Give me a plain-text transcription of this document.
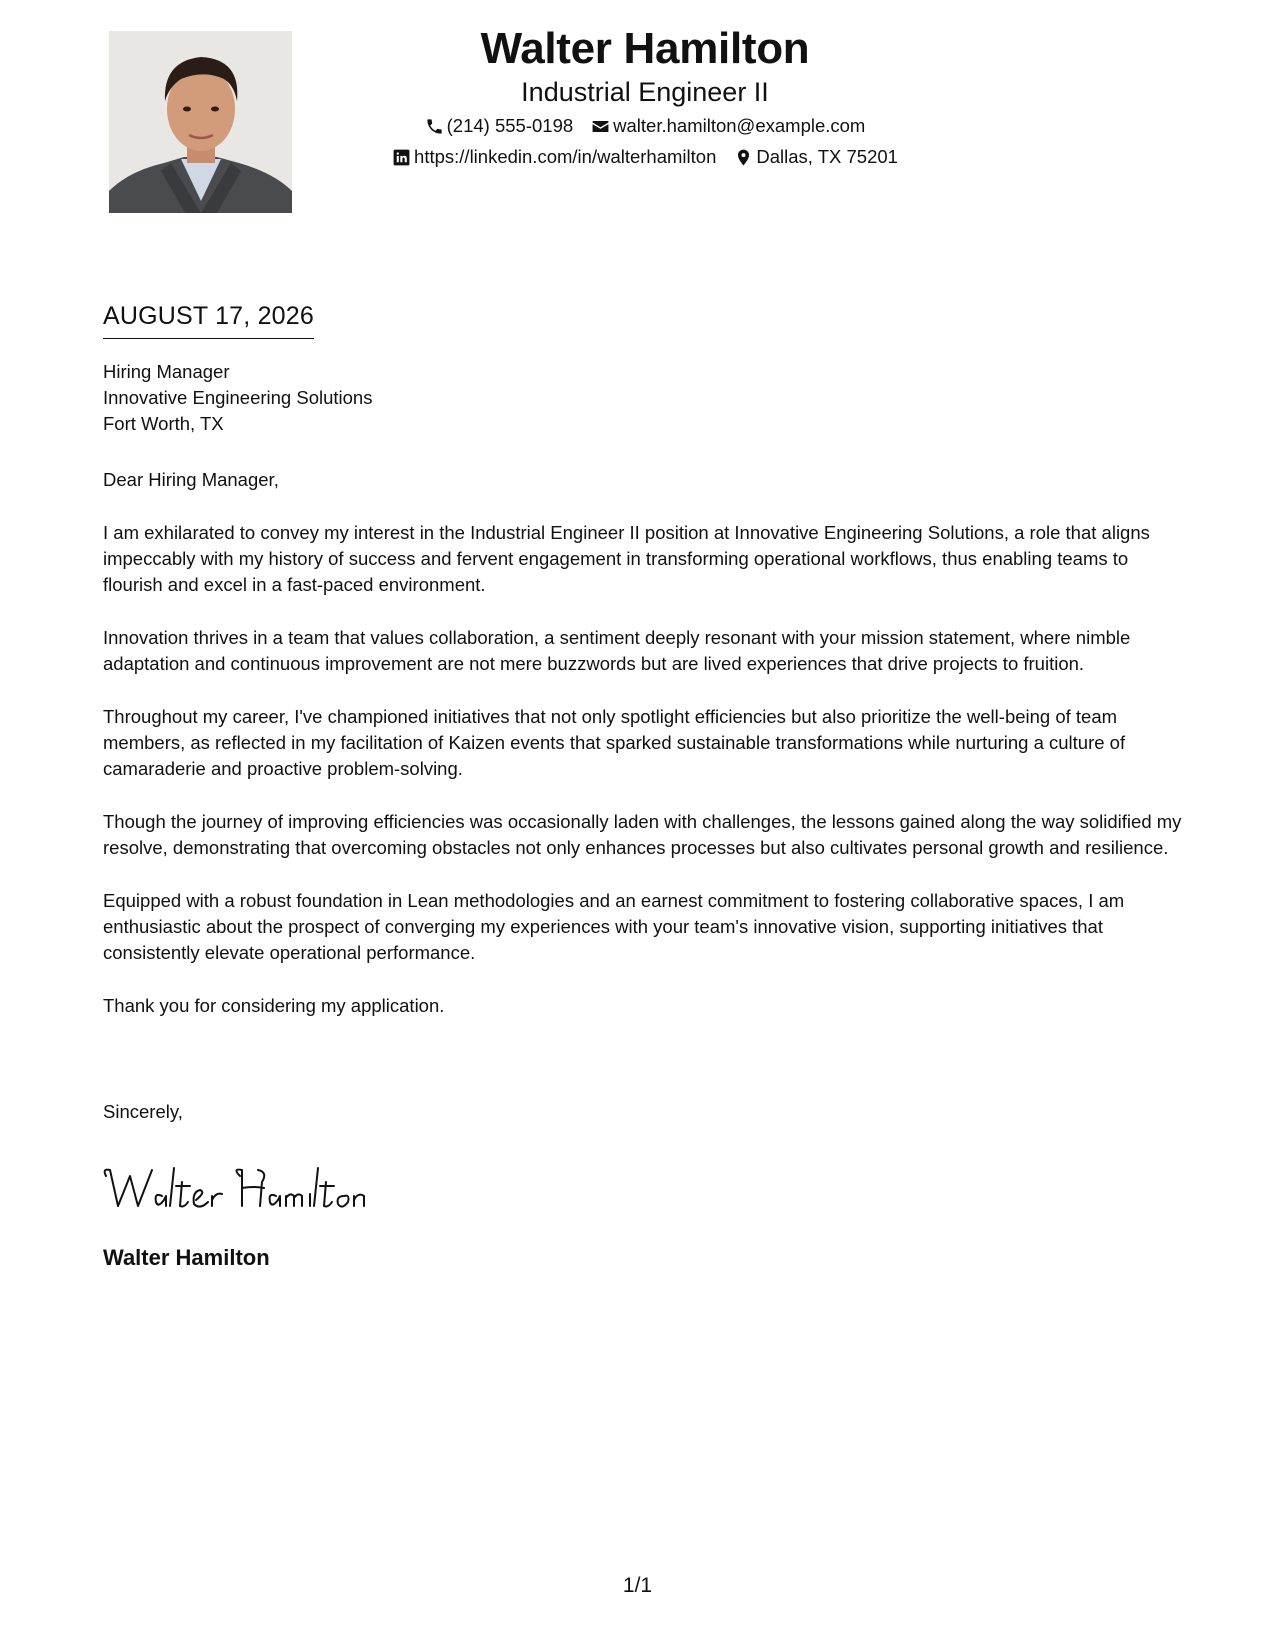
Walter Hamilton
Industrial Engineer II
(214) 555-0198 walter.hamilton@example.com
https://linkedin.com/in/walterhamilton Dallas, TX 75201
AUGUST 17, 2026
Hiring Manager
Innovative Engineering Solutions
Fort Worth, TX

Dear Hiring Manager,

I am exhilarated to convey my interest in the Industrial Engineer II position at Innovative Engineering Solutions, a role that aligns impeccably with my history of success and fervent engagement in transforming operational workflows, thus enabling teams to flourish and excel in a fast-paced environment.

Innovation thrives in a team that values collaboration, a sentiment deeply resonant with your mission statement, where nimble adaptation and continuous improvement are not mere buzzwords but are lived experiences that drive projects to fruition.

Throughout my career, I've championed initiatives that not only spotlight efficiencies but also prioritize the well-being of team members, as reflected in my facilitation of Kaizen events that sparked sustainable transformations while nurturing a culture of camaraderie and proactive problem-solving.

Though the journey of improving efficiencies was occasionally laden with challenges, the lessons gained along the way solidified my resolve, demonstrating that overcoming obstacles not only enhances processes but also cultivates personal growth and resilience.

Equipped with a robust foundation in Lean methodologies and an earnest commitment to fostering collaborative spaces, I am enthusiastic about the prospect of converging my experiences with your team's innovative vision, supporting initiatives that consistently elevate operational performance.

Thank you for considering my application.

Sincerely,
Walter Hamilton
1/1
